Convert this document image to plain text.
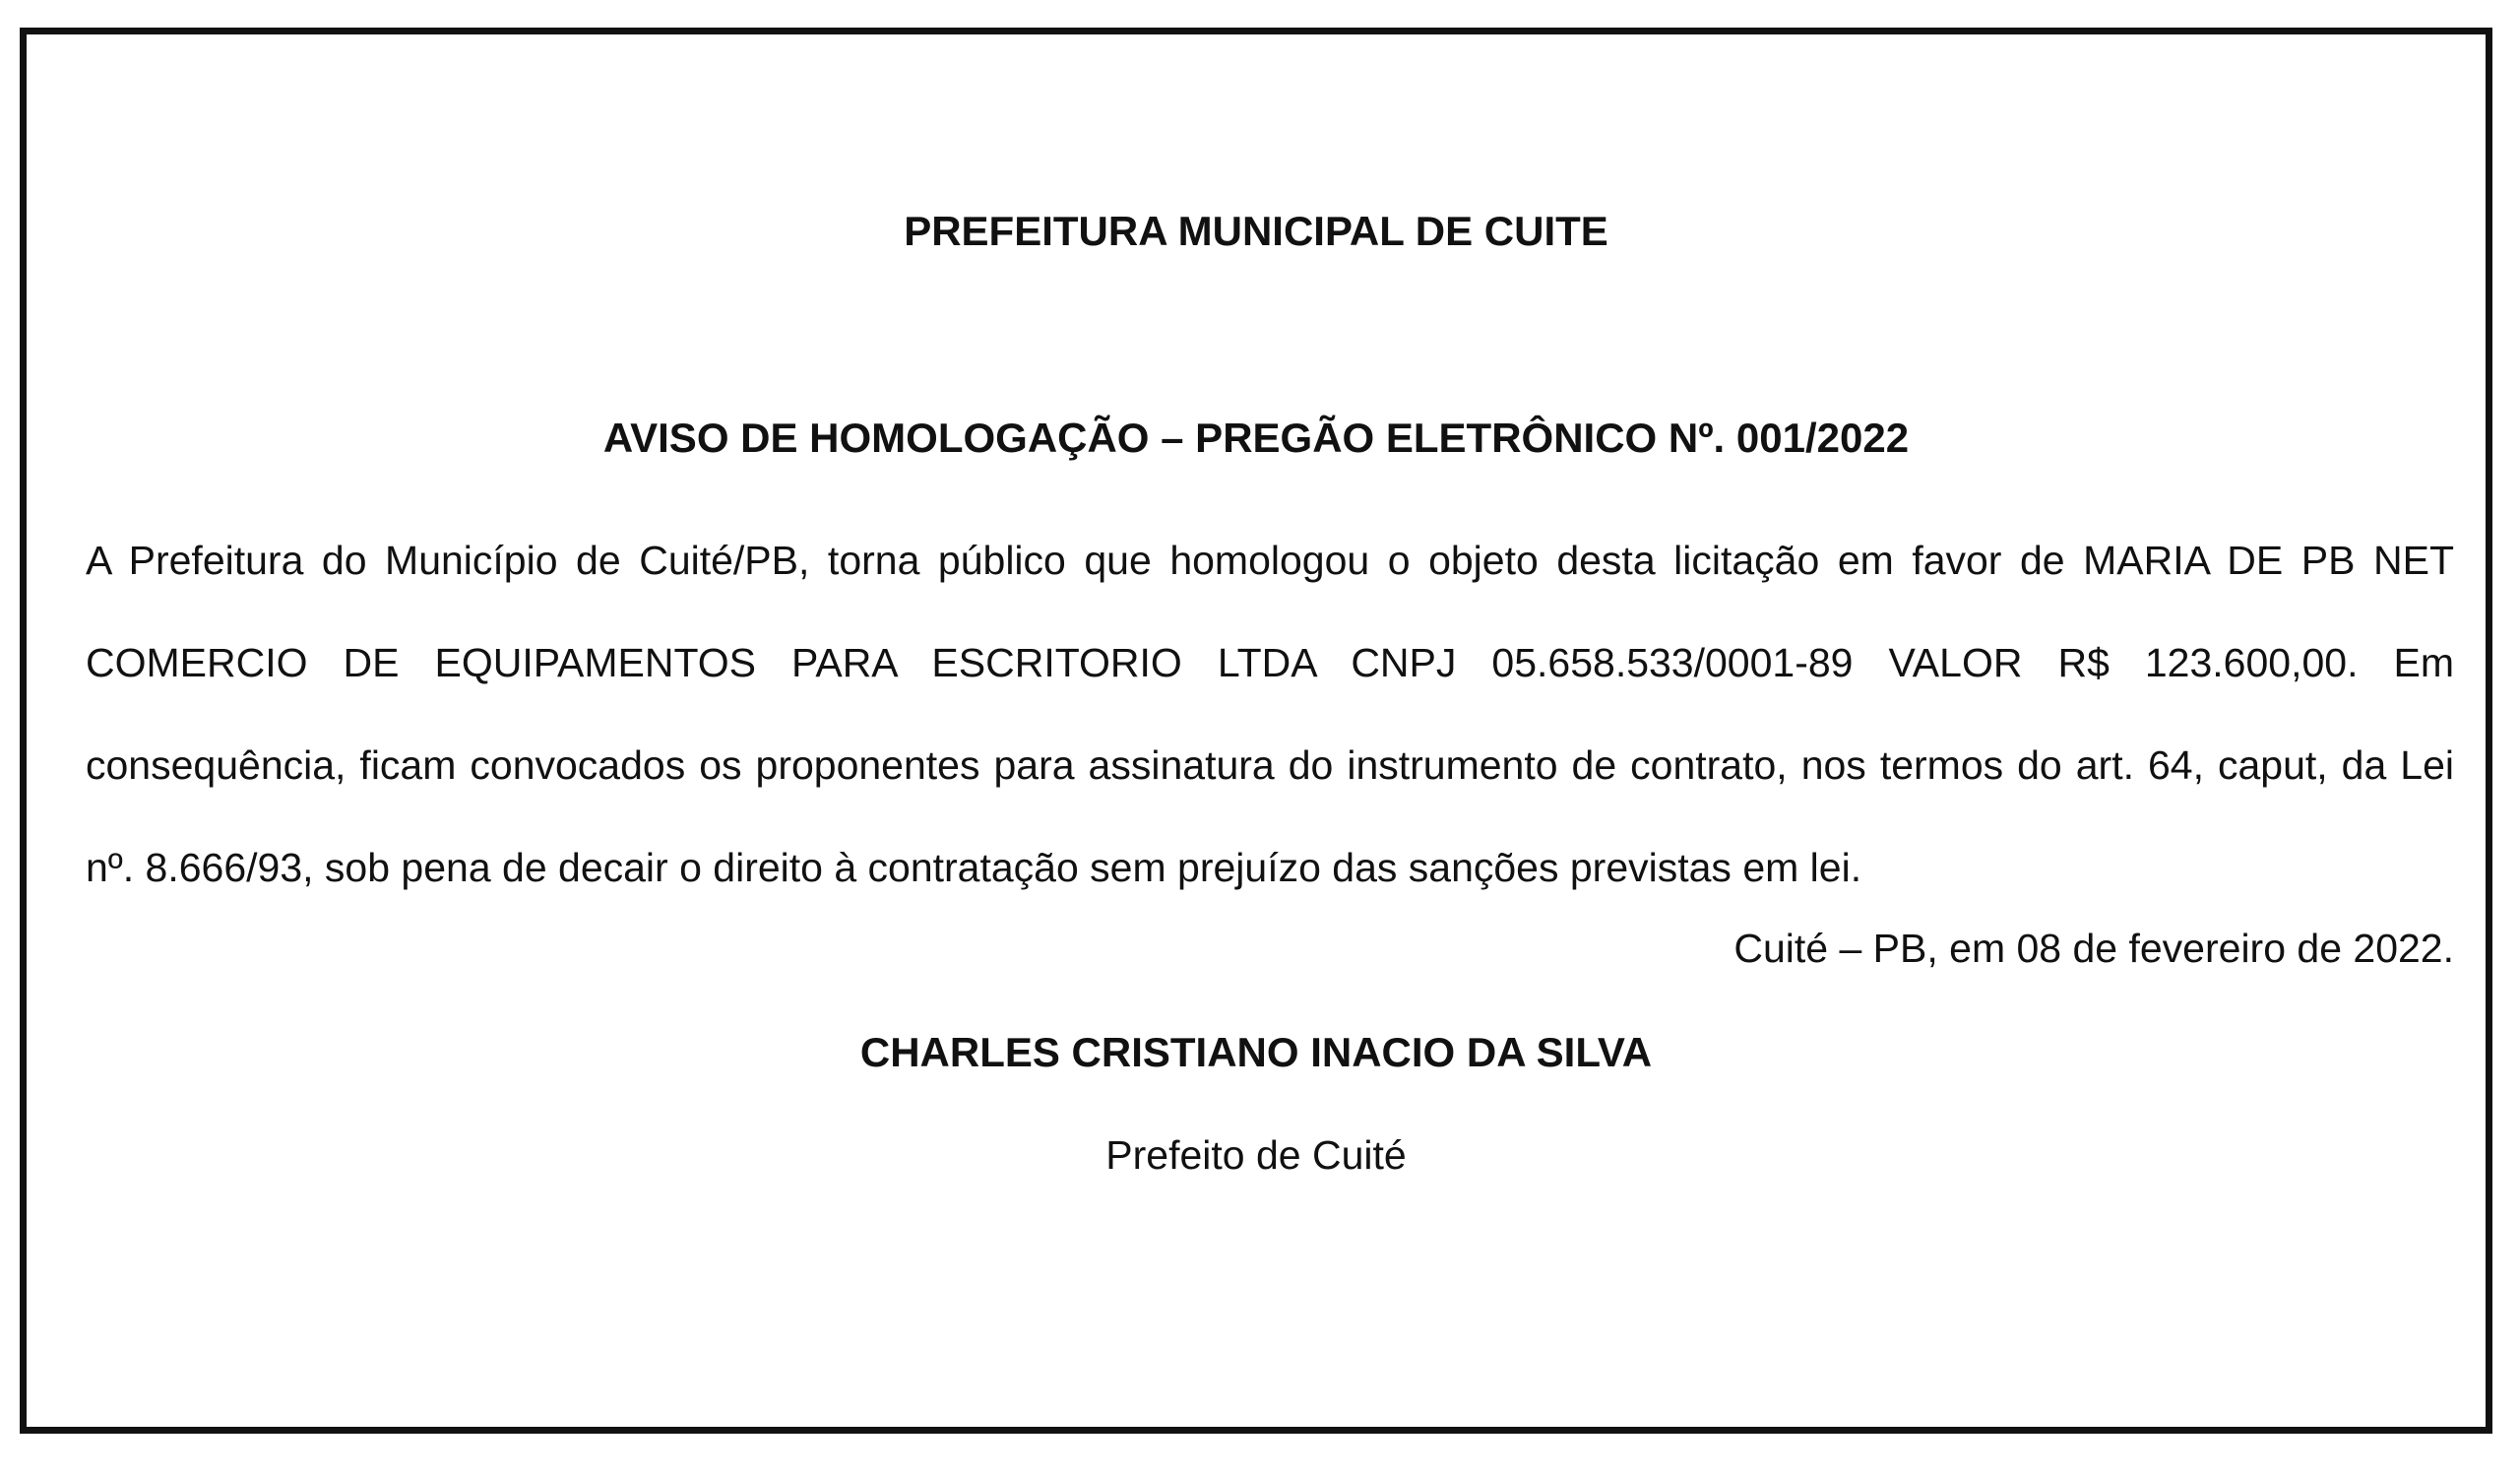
PREFEITURA MUNICIPAL DE CUITE
AVISO DE HOMOLOGAÇÃO – PREGÃO ELETRÔNICO Nº. 001/2022

A Prefeitura do Município de Cuité/PB, torna público que homologou o objeto desta licitação em favor de MARIA DE PB NET COMERCIO DE EQUIPAMENTOS PARA ESCRITORIO LTDA CNPJ 05.658.533/0001-89 VALOR R$ 123.600,00. Em consequência, ficam convocados os proponentes para assinatura do instrumento de contrato, nos termos do art. 64, caput, da Lei nº. 8.666/93, sob pena de decair o direito à contratação sem prejuízo das sanções previstas em lei.

Cuité – PB, em 08 de fevereiro de 2022.
CHARLES CRISTIANO INACIO DA SILVA
Prefeito de Cuité
